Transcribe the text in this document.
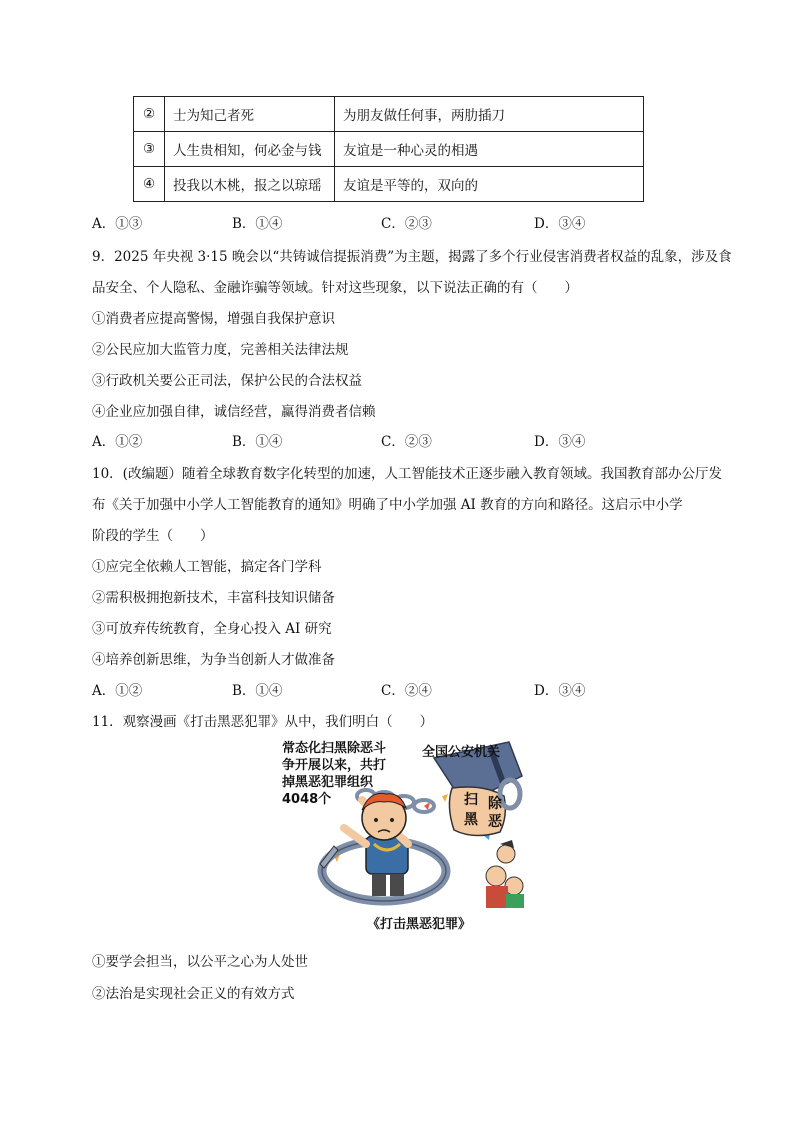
②	士为知己者死	为朋友做任何事，两肋插刀
③	人生贵相知，何必金与钱	友谊是一种心灵的相遇
④	投我以木桃，报之以琼瑶	友谊是平等的，双向的
A．①③	B．①④	C．②③	D．③④
9．2025 年央视 3·15 晚会以“共铸诚信提振消费”为主题，揭露了多个行业侵害消费者权益的乱象，涉及食
品安全、个人隐私、金融诈骗等领域。针对这些现象，以下说法正确的有（　　）
①消费者应提高警惕，增强自我保护意识
②公民应加大监管力度，完善相关法律法规
③行政机关要公正司法，保护公民的合法权益
④企业应加强自律，诚信经营，赢得消费者信赖
A．①②	B．①④	C．②③	D．③④
10．(改编题）随着全球教育数字化转型的加速，人工智能技术正逐步融入教育领域。我国教育部办公厅发
布《关于加强中小学人工智能教育的通知》明确了中小学加强 AI 教育的方向和路径。这启示中小学
阶段的学生（　　）
①应完全依赖人工智能，搞定各门学科
②需积极拥抱新技术，丰富科技知识储备
③可放弃传统教育，全身心投入 AI 研究
④培养创新思维，为争当创新人才做准备
A．①②	B．①④	C．②④	D．③④
11．观察漫画《打击黑恶犯罪》从中，我们明白（　　）
常态化扫黑除恶斗
争开展以来，共打
掉黑恶犯罪组织
4048个
全国公安机关
扫 除
黑 恶
《打击黑恶犯罪》
①要学会担当，以公平之心为人处世
②法治是实现社会正义的有效方式
